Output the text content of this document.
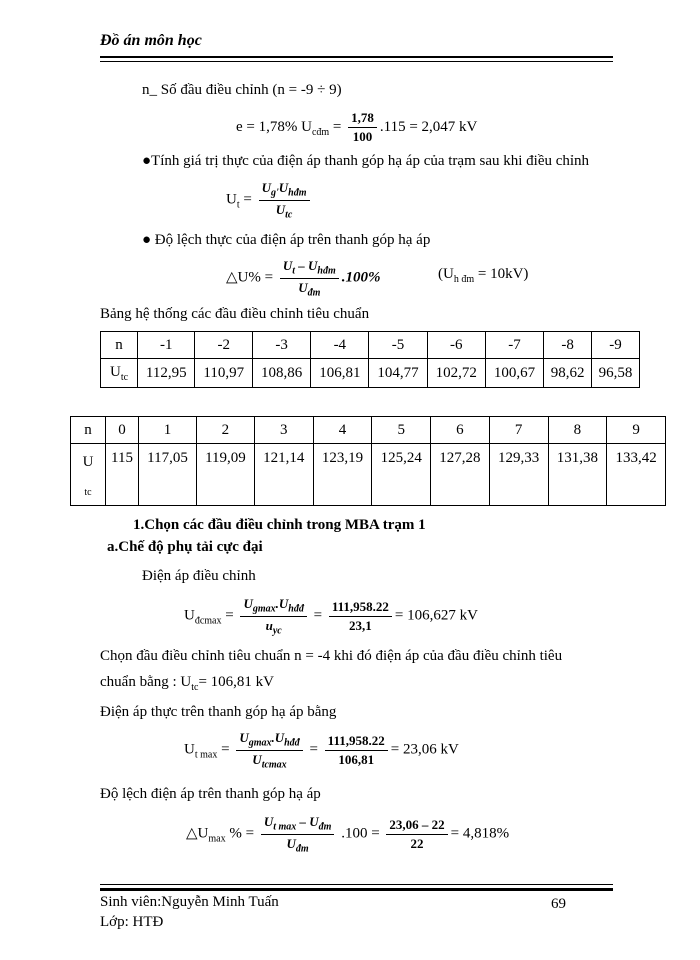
Đồ án môn học
n_ Số đầu điều chỉnh (n = -9 ÷ 9)
e = 1,78% $U_{cđm} = \frac{1,78}{100} .115 = 2,047$ kV
●Tính giá trị thực của điện áp thanh góp hạ áp của trạm sau khi điều chỉnh
$U_t = \frac{U_{g'}U_{hđm}}{U_{tc}}$
● Độ lệch thực của điện áp trên thanh góp hạ áp
△U% = $\frac{U_t - U_{hđm}}{U_{đm}} .100\%$	$(U_{h đm} = 10kV)$
Bảng hệ thống các đầu điều chỉnh tiêu chuẩn
n	-1	-2	-3	-4	-5	-6	-7	-8	-9
$U_{tc}$	112,95	110,97	108,86	106,81	104,77	102,72	100,67	98,62	96,58
n	0	1	2	3	4	5	6	7	8	9
U
tc	115	117,05	119,09	121,14	123,19	125,24	127,28	129,33	131,38	133,42
1.Chọn các đầu điều chỉnh trong MBA trạm 1
a.Chế độ phụ tải cực đại
Điện áp điều chỉnh
$U_{đcmax} = \frac{U_{gmax}.U_{hđđ}}{u_{yc}} = \frac{111,958.22}{23,1} = 106,627$ kV
Chọn đầu điều chỉnh tiêu chuẩn n = -4 khi đó điện áp của đầu điều chỉnh tiêu
chuẩn bằng : $U_{tc}= 106,81$ kV
Điện áp thực trên thanh góp hạ áp bằng
$U_{t max} = \frac{U_{gmax}.U_{hđđ}}{U_{tcmax}} = \frac{111,958.22}{106,81} = 23,06$ kV
Độ lệch điện áp trên thanh góp hạ áp
$\triangle U_{max}$ % = $\frac{U_{t max} - U_{đm}}{U_{đm}} .100 = \frac{23,06 - 22}{22} = 4,818\%$
Sinh viên:Nguyễn Minh Tuấn
Lớp: HTĐ
69
